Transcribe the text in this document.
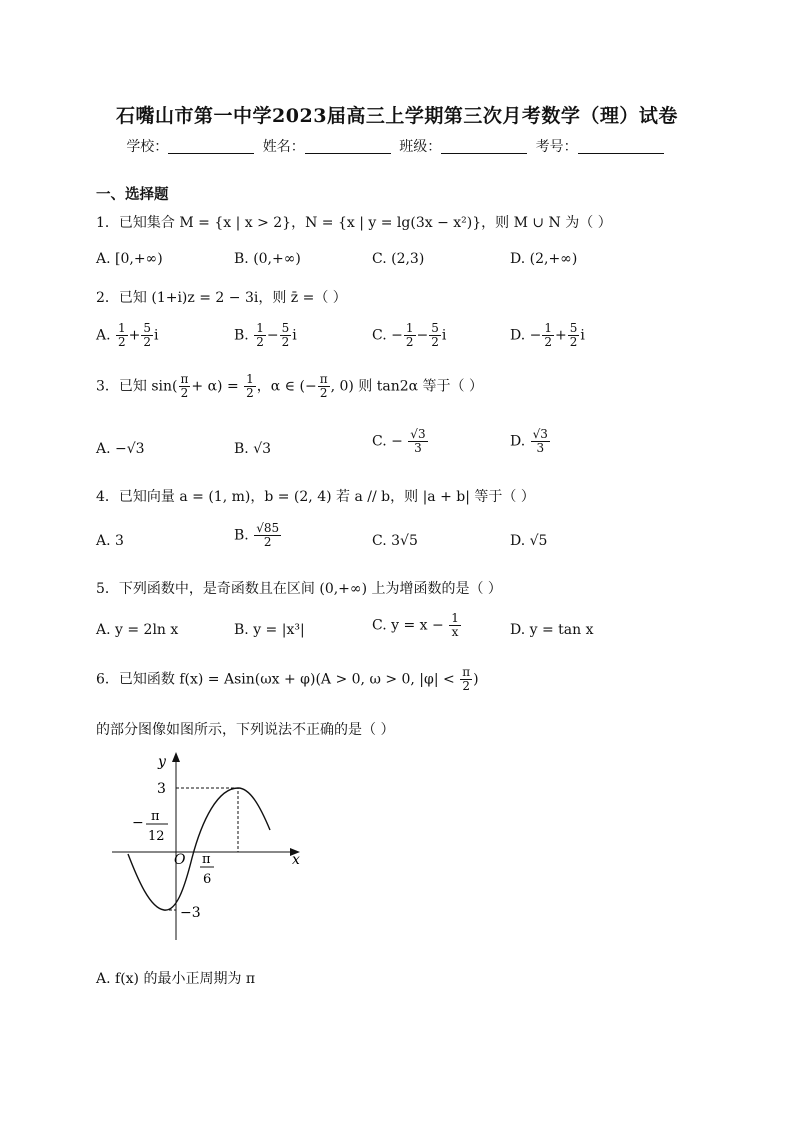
石嘴山市第一中学2023届高三上学期第三次月考数学（理）试卷
学校：	姓名：	班级：	考号：
一、选择题
1．已知集合 M = {x | x > 2}，N = {x | y = lg(3x − x²)}，则 M ∪ N 为（ ）
A. [0,+∞)	B. (0,+∞)	C. (2,3)	D. (2,+∞)
2．已知 (1+i)z = 2 − 3i，则 z̄ =（ ）
A. $\frac{1}{2} + \frac{5}{2}$ i	B. $\frac{1}{2} - \frac{5}{2}$ i	C. − $\frac{1}{2} - \frac{5}{2}$ i	D. − $\frac{1}{2} + \frac{5}{2}$ i
3．已知 $\sin( \frac{\pi}{2} + \alpha) = \frac{1}{2}$ ，α ∈ (− $\frac{\pi}{2}$ , 0) 则 tan2α 等于（ ）
A. −√3	B. √3	C. − $\frac{√3}{3}$	D. $\frac{√3}{3}$
4．已知向量 a = (1, m)，b = (2, 4) 若 a // b，则 |a + b| 等于（ ）
A. 3	B. $\frac{√85}{2}$	C. 3√5	D. √5
5．下列函数中，是奇函数且在区间 (0,+∞) 上为增函数的是（ ）
A. y = 2ln x	B. y = |x³|	C. $y = x - \frac{1}{x}$	D. y = tan x
6．已知函数 f(x) = Asin(ωx + φ)(A > 0, ω > 0, $|\varphi| < \frac{\pi}{2}$ )
的部分图像如图所示，下列说法不正确的是（ ）
y
x
O
3
−3
− π
12
π
6
A. f(x) 的最小正周期为 π
